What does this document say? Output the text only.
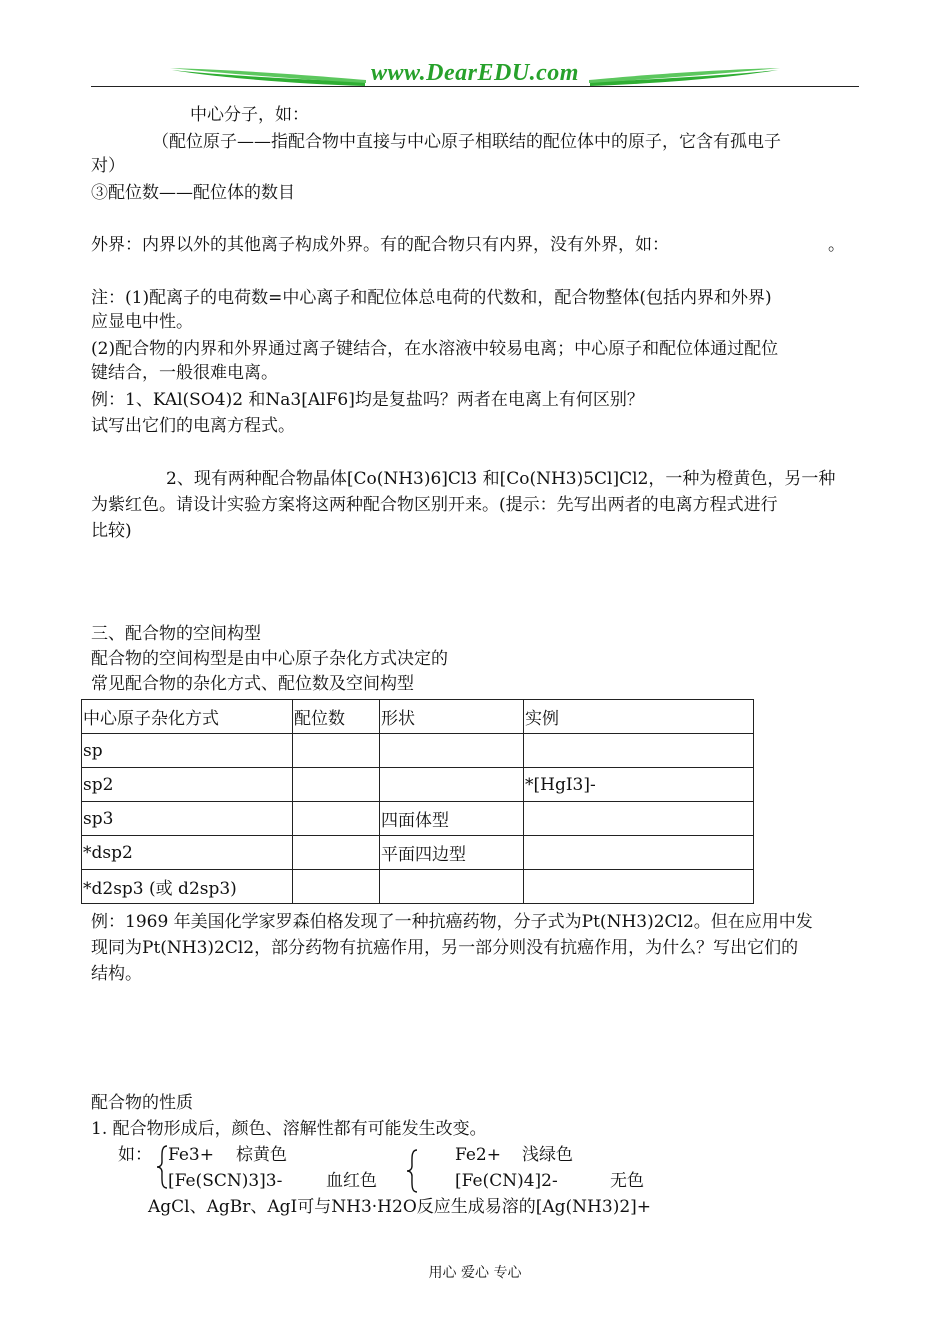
www.DearEDU.com
中心分子，如：
（配位原子——指配合物中直接与中心原子相联结的配位体中的原子，它含有孤电子
对）
③配位数——配位体的数目
外界：内界以外的其他离子构成外界。有的配合物只有内界，没有外界，如：	。
注：(1)配离子的电荷数=中心离子和配位体总电荷的代数和，配合物整体(包括内界和外界)
应显电中性。
(2)配合物的内界和外界通过离子键结合，在水溶液中较易电离；中心原子和配位体通过配位
键结合，一般很难电离。
例：1、KAl(SO4)2 和Na3[AlF6]均是复盐吗？两者在电离上有何区别？
试写出它们的电离方程式。
2、现有两种配合物晶体[Co(NH3)6]Cl3 和[Co(NH3)5Cl]Cl2，一种为橙黄色，另一种
为紫红色。请设计实验方案将这两种配合物区别开来。(提示：先写出两者的电离方程式进行
比较)
三、配合物的空间构型
配合物的空间构型是由中心原子杂化方式决定的
常见配合物的杂化方式、配位数及空间构型
中心原子杂化方式	配位数	形状	实例
sp			
sp2			*[HgI3]-
sp3		四面体型	
*dsp2		平面四边型	
*d2sp3 (或 d2sp3)			
例：1969 年美国化学家罗森伯格发现了一种抗癌药物，分子式为Pt(NH3)2Cl2。但在应用中发
现同为Pt(NH3)2Cl2，部分药物有抗癌作用，另一部分则没有抗癌作用，为什么？写出它们的
结构。
配合物的性质
1. 配合物形成后，颜色、溶解性都有可能发生改变。
如： Fe3+ 棕黄色
[Fe(SCN)3]3-	血红色
Fe2+ 浅绿色
[Fe(CN)4]2-	无色
AgCl、AgBr、AgI可与NH3·H2O反应生成易溶的[Ag(NH3)2]+
用心 爱心 专心
